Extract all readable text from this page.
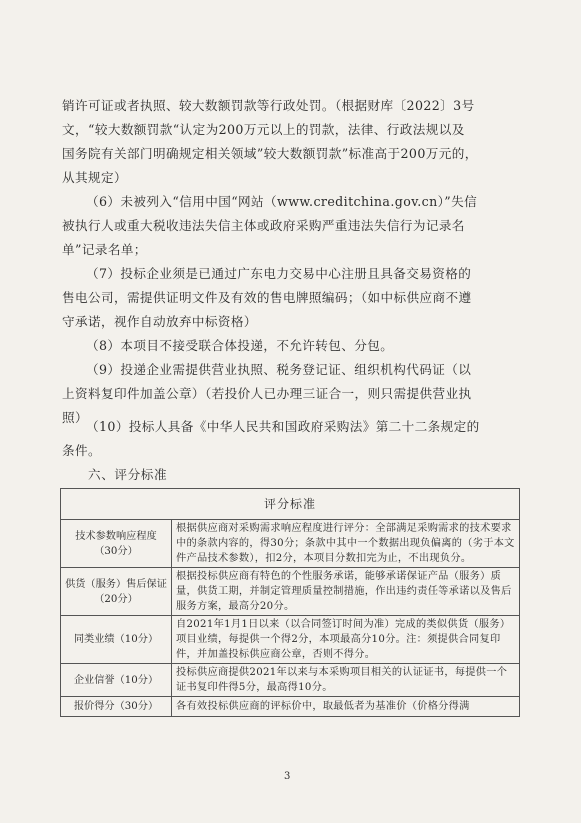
销许可证或者执照、较大数额罚款等行政处罚。（根据财库〔2022〕3号
文，“较大数额罚款“认定为200万元以上的罚款，法律、行政法规以及
国务院有关部门明确规定相关领域”较大数额罚款”标准高于200万元的，
从其规定）
（6）未被列入“信用中国“网站（www.creditchina.gov.cn）”失信
被执行人或重大税收违法失信主体或政府采购严重违法失信行为记录名
单”记录名单；
（7）投标企业须是已通过广东电力交易中心注册且具备交易资格的
售电公司，需提供证明文件及有效的售电牌照编码；（如中标供应商不遵
守承诺，视作自动放弃中标资格）
（8）本项目不接受联合体投递，不允许转包、分包。
（9）投递企业需提供营业执照、税务登记证、组织机构代码证（以
上资料复印件加盖公章）（若投价人已办理三证合一，则只需提供营业执
照）
（10）投标人具备《中华人民共和国政府采购法》第二十二条规定的
条件。
六、评分标准
评分标准	
技术参数响应程度（30分）	根据供应商对采购需求响应程度进行评分：全部满足采购需求的技术要求中的条款内容的，得30分；条款中其中一个数据出现负偏离的（劣于本文件产品技术参数），扣2分，本项目分数扣完为止，不出现负分。
供货（服务）售后保证（20分）	根据投标供应商有特色的个性服务承诺，能够承诺保证产品（服务）质量，供货工期，并制定管理质量控制措施，作出违约责任等承诺以及售后服务方案，最高分20分。
同类业绩（10分）	自2021年1月1日以来（以合同签订时间为准）完成的类似供货（服务）项目业绩，每提供一个得2分，本项最高分10分。注：须提供合同复印件，并加盖投标供应商公章，否则不得分。
企业信誉（10分）	投标供应商提供2021年以来与本采购项目相关的认证证书，每提供一个证书复印件得5分，最高得10分。
报价得分（30分）	各有效投标供应商的评标价中，取最低者为基准价（价格分得满
3
